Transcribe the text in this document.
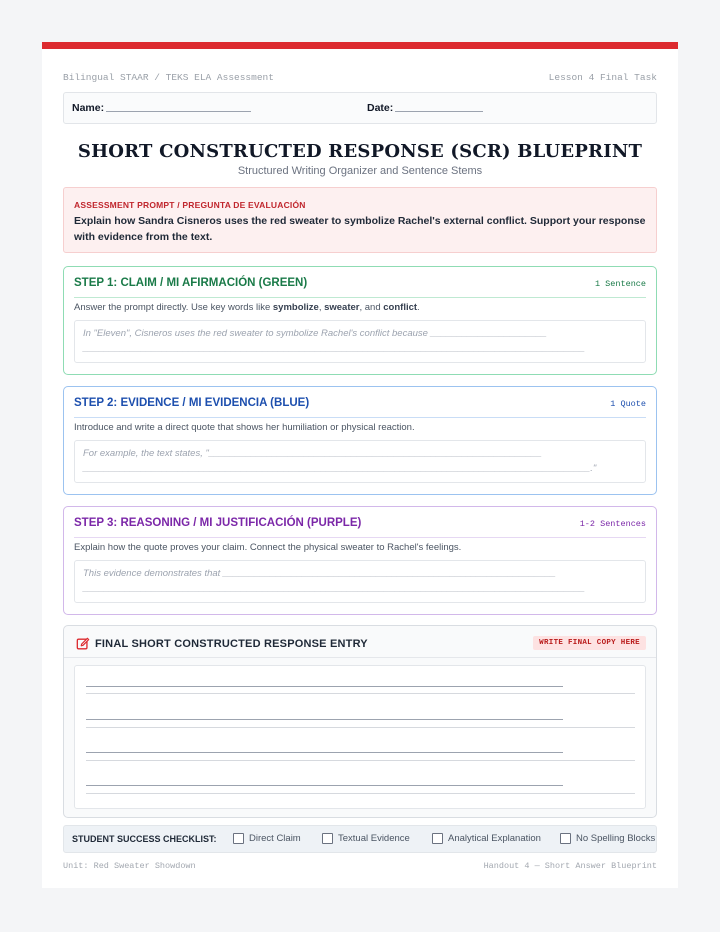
Bilingual STAAR / TEKS ELA Assessment	Lesson 4 Final Task
Name:	Date:
SHORT CONSTRUCTED RESPONSE (SCR) BLUEPRINT
Structured Writing Organizer and Sentence Stems
ASSESSMENT PROMPT / PREGUNTA DE EVALUACIÓN
Explain how Sandra Cisneros uses the red sweater to symbolize Rachel's external conflict. Support your response with evidence from the text.
STEP 1: CLAIM / MI AFIRMACIÓN (GREEN)	1 Sentence
Answer the prompt directly. Use key words like symbolize, sweater, and conflict.
In "Eleven", Cisneros uses the red sweater to symbolize Rachel's conflict because ______________________
_______________________________________________________________________________________________
STEP 2: EVIDENCE / MI EVIDENCIA (BLUE)	1 Quote
Introduce and write a direct quote that shows her humiliation or physical reaction.
For example, the text states, "_______________________________________________________________
________________________________________________________________________________________________."
STEP 3: REASONING / MI JUSTIFICACIÓN (PURPLE)	1-2 Sentences
Explain how the quote proves your claim. Connect the physical sweater to Rachel's feelings.
This evidence demonstrates that _______________________________________________________________
_______________________________________________________________________________________________
FINAL SHORT CONSTRUCTED RESPONSE ENTRY	WRITE FINAL COPY HERE
STUDENT SUCCESS CHECKLIST:	Direct Claim	Textual Evidence	Analytical Explanation	No Spelling Blocks
Unit: Red Sweater Showdown	Handout 4 — Short Answer Blueprint
